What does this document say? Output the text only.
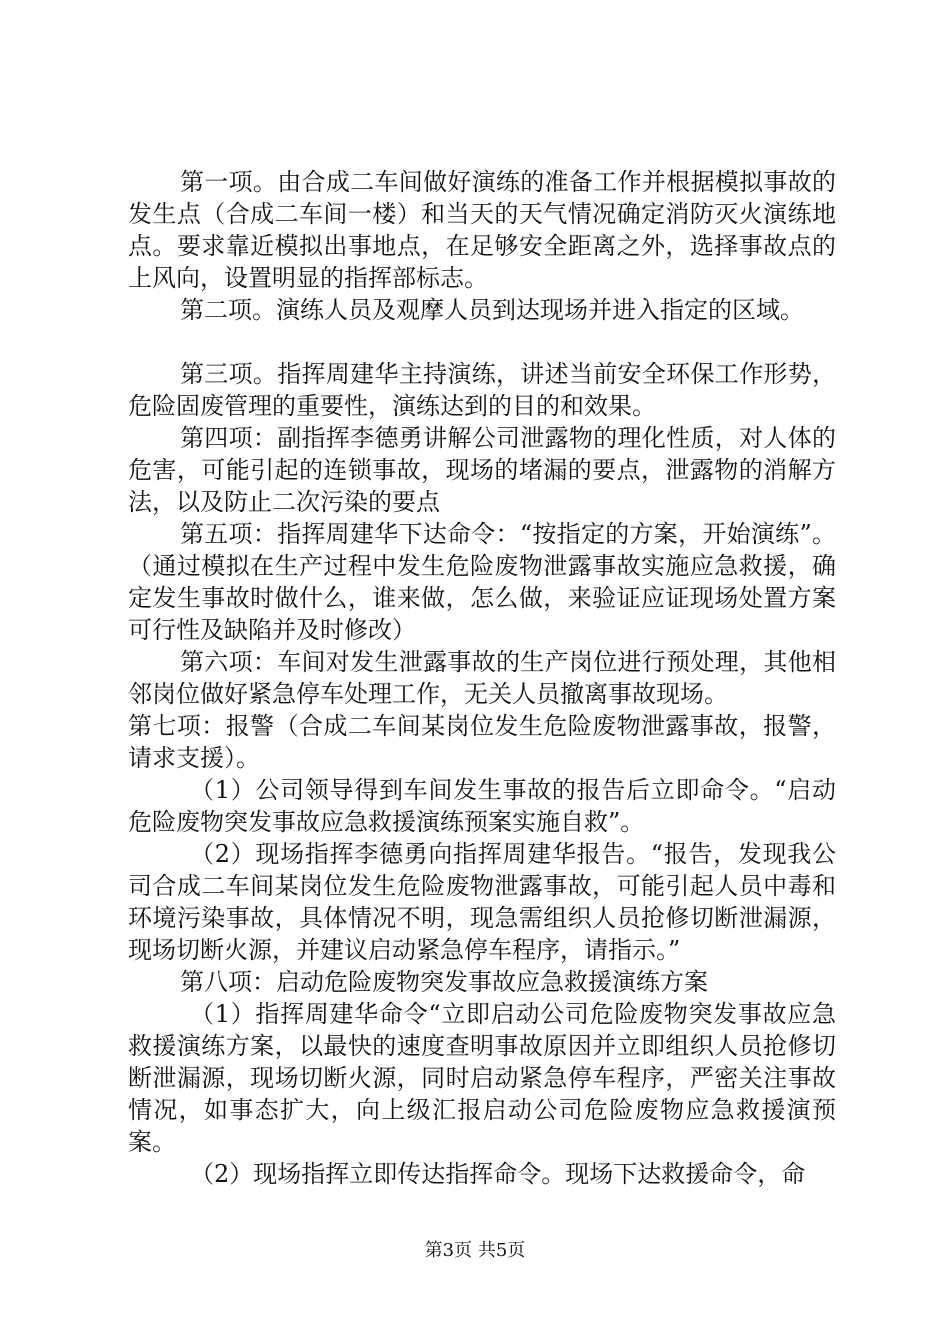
第一项。由合成二车间做好演练的准备工作并根据模拟事故的发生点（合成二车间一楼）和当天的天气情况确定消防灭火演练地点。要求靠近模拟出事地点，在足够安全距离之外，选择事故点的上风向，设置明显的指挥部标志。

第二项。演练人员及观摩人员到达现场并进入指定的区域。

第三项。指挥周建华主持演练，讲述当前安全环保工作形势，危险固废管理的重要性，演练达到的目的和效果。

第四项：副指挥李德勇讲解公司泄露物的理化性质，对人体的危害，可能引起的连锁事故，现场的堵漏的要点，泄露物的消解方法，以及防止二次污染的要点

第五项：指挥周建华下达命令：“按指定的方案，开始演练”。（通过模拟在生产过程中发生危险废物泄露事故实施应急救援，确定发生事故时做什么，谁来做，怎么做，来验证应证现场处置方案可行性及缺陷并及时修改）

第六项：车间对发生泄露事故的生产岗位进行预处理，其他相邻岗位做好紧急停车处理工作，无关人员撤离事故现场。

第七项：报警（合成二车间某岗位发生危险废物泄露事故，报警，请求支援）。

（1）公司领导得到车间发生事故的报告后立即命令。“启动危险废物突发事故应急救援演练预案实施自救”。

（2）现场指挥李德勇向指挥周建华报告。“报告，发现我公司合成二车间某岗位发生危险废物泄露事故，可能引起人员中毒和环境污染事故，具体情况不明，现急需组织人员抢修切断泄漏源，现场切断火源，并建议启动紧急停车程序，请指示。”

第八项：启动危险废物突发事故应急救援演练方案

（1）指挥周建华命令“立即启动公司危险废物突发事故应急救援演练方案，以最快的速度查明事故原因并立即组织人员抢修切断泄漏源，现场切断火源，同时启动紧急停车程序，严密关注事故情况，如事态扩大，向上级汇报启动公司危险废物应急救援演预案。

（2）现场指挥立即传达指挥命令。现场下达救援命令，命

第3页 共5页
